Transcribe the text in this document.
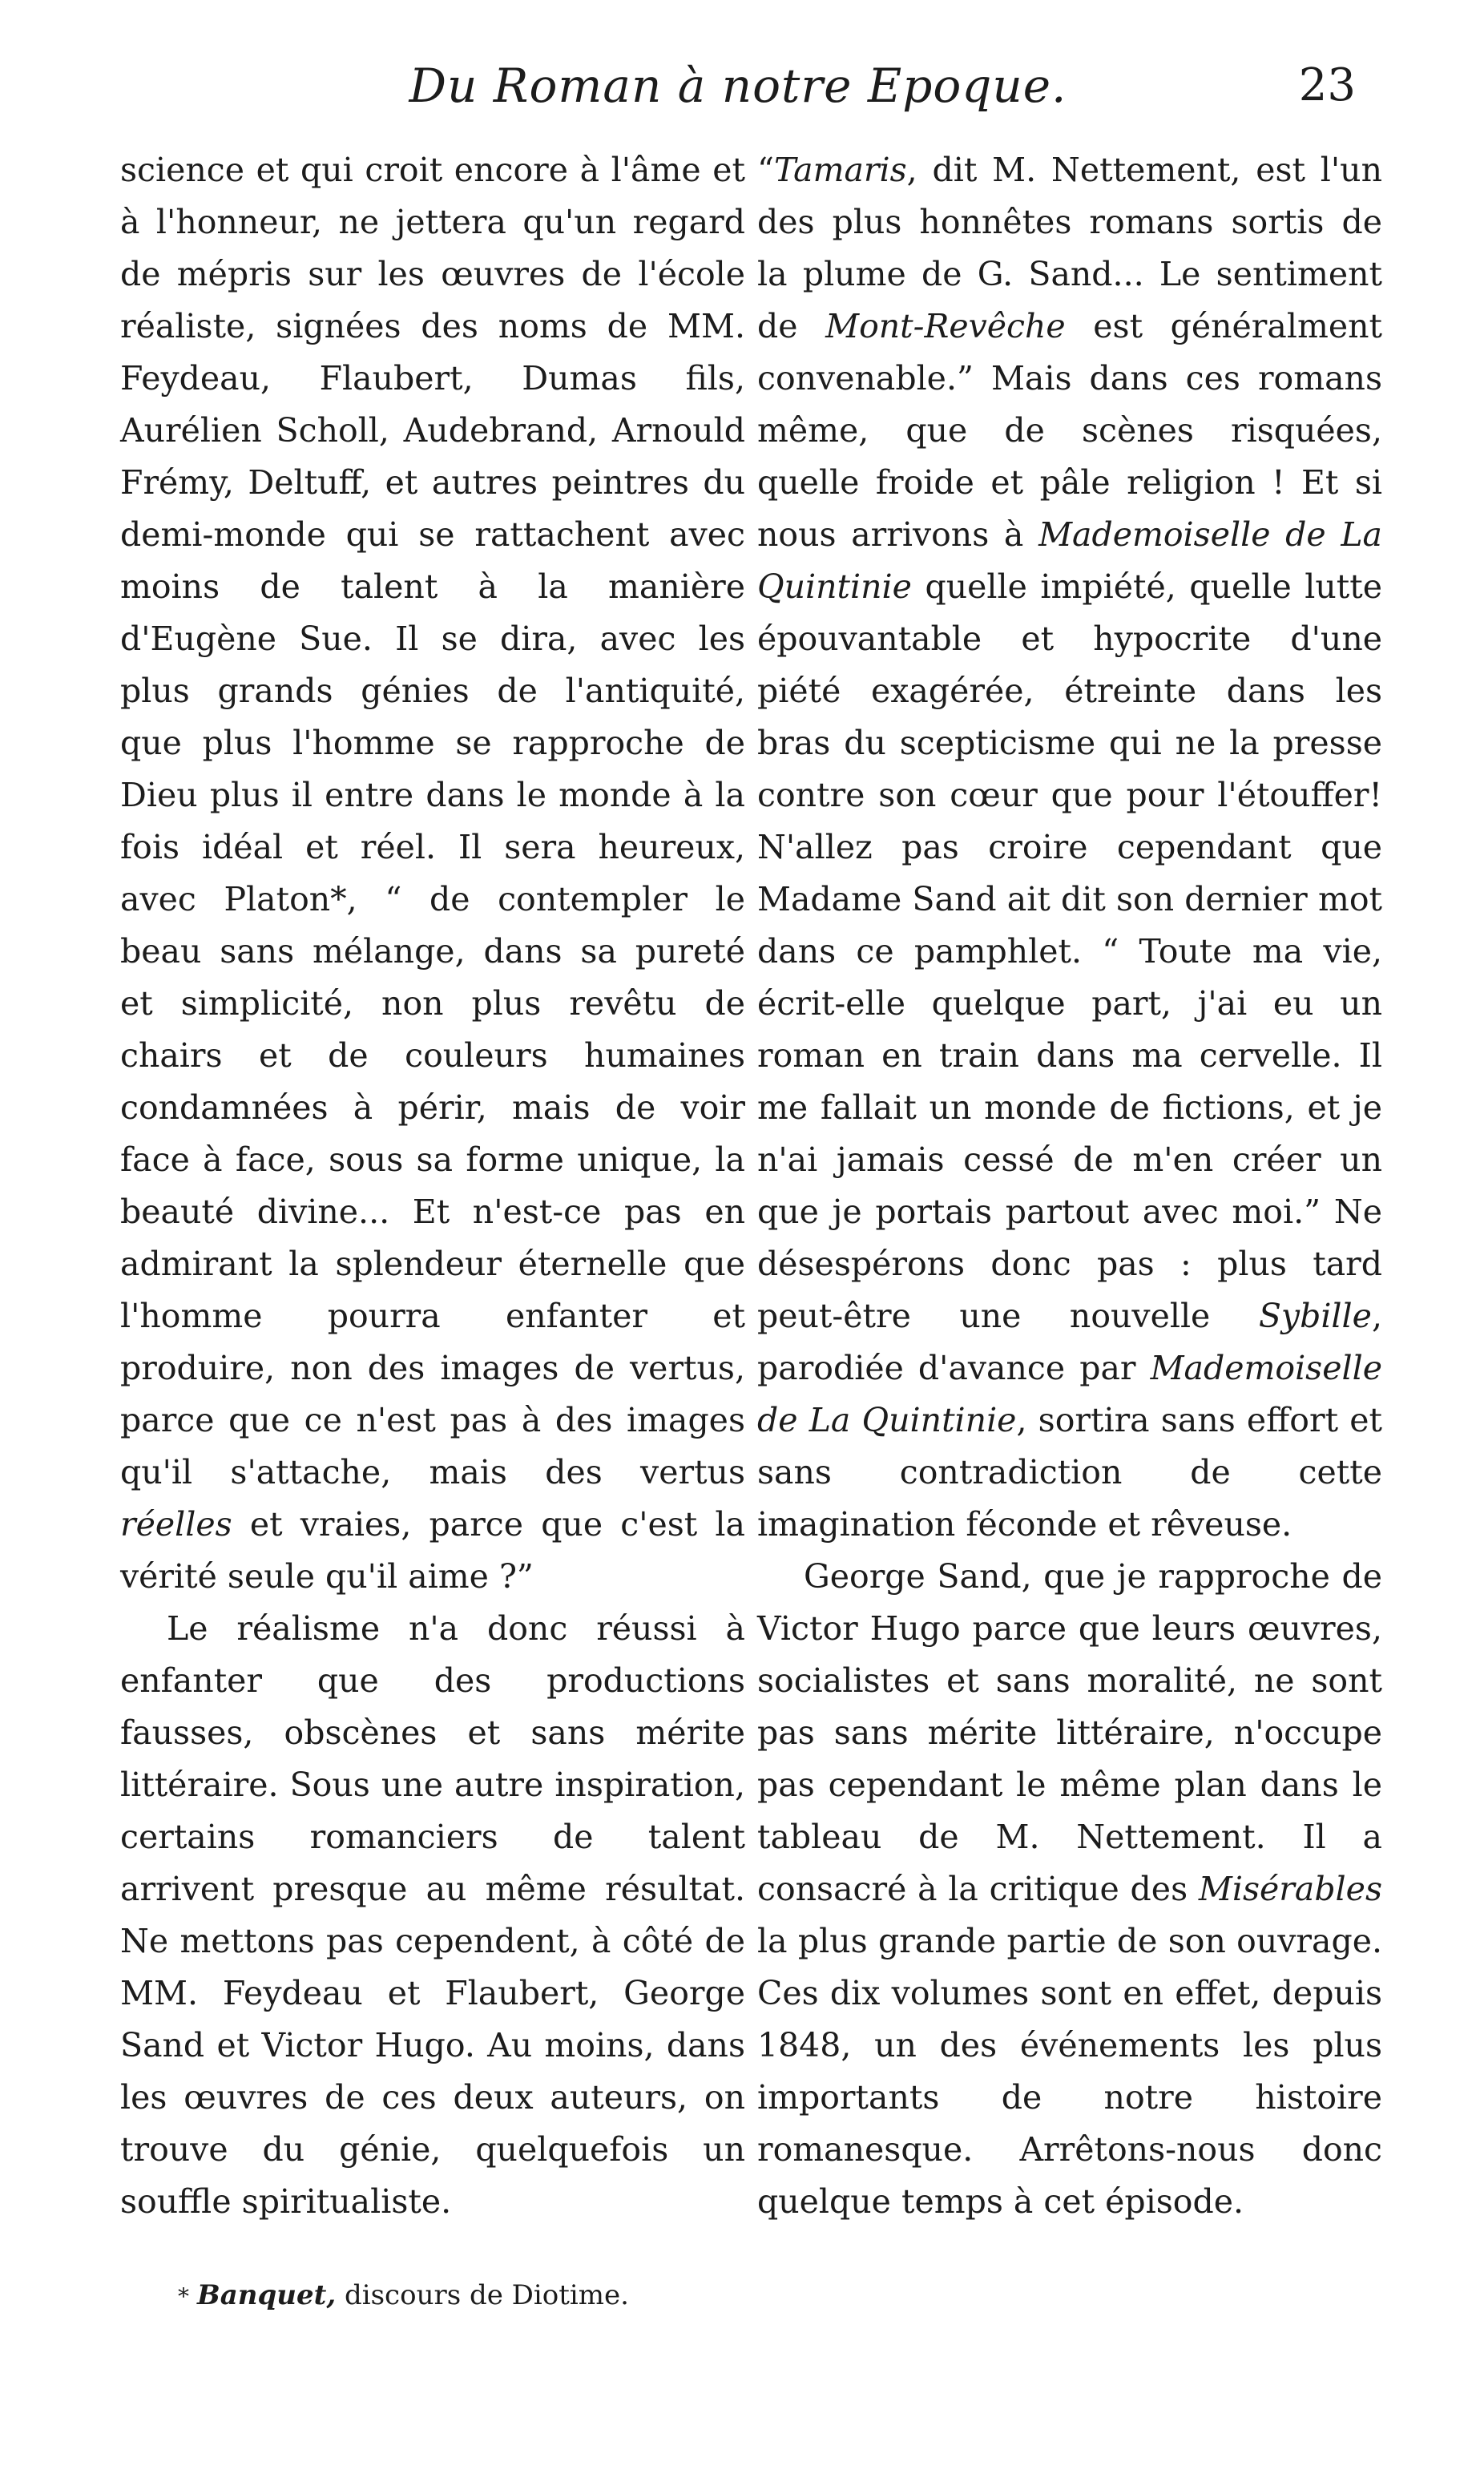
Du Roman à notre Epoque.	23

science et qui croit encore à l'âme et à l'honneur, ne jettera qu'un regard de mépris sur les œuvres de l'école réaliste, signées des noms de MM. Feydeau, Flaubert, Dumas fils, Aurélien Scholl, Audebrand, Arnould Frémy, Deltuff, et autres peintres du demi-monde qui se rattachent avec moins de talent à la manière d'Eugène Sue. Il se dira, avec les plus grands génies de l'antiquité, que plus l'homme se rapproche de Dieu plus il entre dans le monde à la fois idéal et réel. Il sera heureux, avec Platon*, “ de contempler le beau sans mélange, dans sa pureté et simplicité, non plus revêtu de chairs et de couleurs humaines condamnées à périr, mais de voir face à face, sous sa forme unique, la beauté divine... Et n'est-ce pas en admirant la splendeur éternelle que l'homme pourra enfanter et produire, non des images de vertus, parce que ce n'est pas à des images qu'il s'attache, mais des vertus réelles et vraies, parce que c'est la vérité seule qu'il aime ?”

Le réalisme n'a donc réussi à enfanter que des productions fausses, obscènes et sans mérite littéraire. Sous une autre inspiration, certains romanciers de talent arrivent presque au même résultat. Ne mettons pas cependent, à côté de MM. Feydeau et Flaubert, George Sand et Victor Hugo. Au moins, dans les œuvres de ces deux auteurs, on trouve du génie, quelquefois un souffle spiritualiste.

“Tamaris, dit M. Nettement, est l'un des plus honnêtes romans sortis de la plume de G. Sand... Le sentiment de Mont-Revêche est généralment convenable.” Mais dans ces romans même, que de scènes risquées, quelle froide et pâle religion ! Et si nous arrivons à Mademoiselle de La Quintinie quelle impiété, quelle lutte épouvantable et hypocrite d'une piété exagérée, étreinte dans les bras du scepticisme qui ne la presse contre son cœur que pour l'étouffer! N'allez pas croire cependant que Madame Sand ait dit son dernier mot dans ce pamphlet. “ Toute ma vie, écrit-elle quelque part, j'ai eu un roman en train dans ma cervelle. Il me fallait un monde de fictions, et je n'ai jamais cessé de m'en créer un que je portais partout avec moi.” Ne désespérons donc pas : plus tard peut-être une nouvelle Sybille, parodiée d'avance par Mademoiselle de La Quintinie, sortira sans effort et sans contradiction de cette imagination féconde et rêveuse.

George Sand, que je rapproche de Victor Hugo parce que leurs œuvres, socialistes et sans moralité, ne sont pas sans mérite littéraire, n'occupe pas cependant le même plan dans le tableau de M. Nettement. Il a consacré à la critique des Misérables la plus grande partie de son ouvrage. Ces dix volumes sont en effet, depuis 1848, un des événements les plus importants de notre histoire romanesque. Arrêtons-nous donc quelque temps à cet épisode.

* Banquet, discours de Diotime.
